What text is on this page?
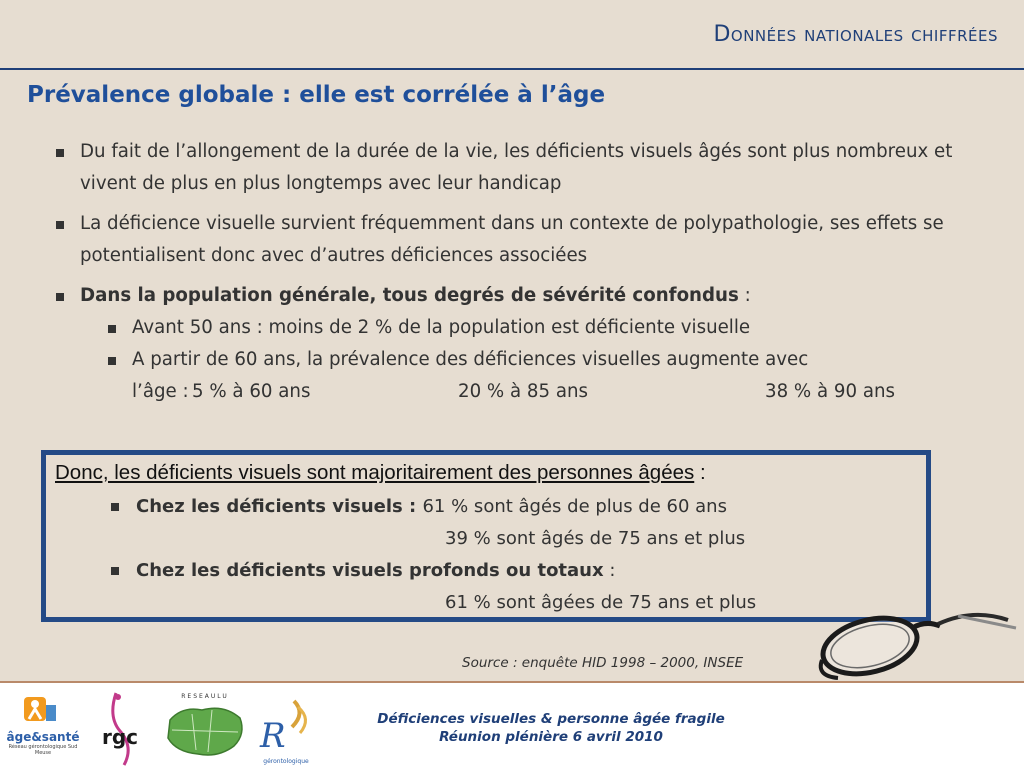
Données nationales chiffrées
Prévalence globale : elle est corrélée à l’âge
Du fait de l’allongement de la durée de la vie, les déficients visuels âgés sont plus nombreux et vivent de plus en plus longtemps avec leur handicap
La déficience visuelle survient fréquemment dans un contexte de polypathologie, ses effets se potentialisent donc avec d’autres déficiences associées
Dans la population générale, tous degrés de sévérité confondus :
Avant 50 ans : moins de 2 % de la population est déficiente visuelle
A partir de 60 ans, la prévalence des déficiences visuelles augmente avec
l’âge : 5 % à 60 ans	20 % à 85 ans	38 % à 90 ans
Donc, les déficients visuels sont majoritairement des personnes âgées :
Chez les déficients visuels : 61 % sont âgés de plus de 60 ans
39 % sont âgés de 75 ans et plus
Chez les déficients visuels profonds ou totaux :
61 % sont âgées de 75 ans et plus
Source : enquête HID 1998 – 2000, INSEE
âge&santé
Réseau gérontologique Sud Meuse
rgc
RESEAULU
R
gérontologique
Déficiences visuelles & personne âgée fragile
Réunion plénière 6 avril 2010
